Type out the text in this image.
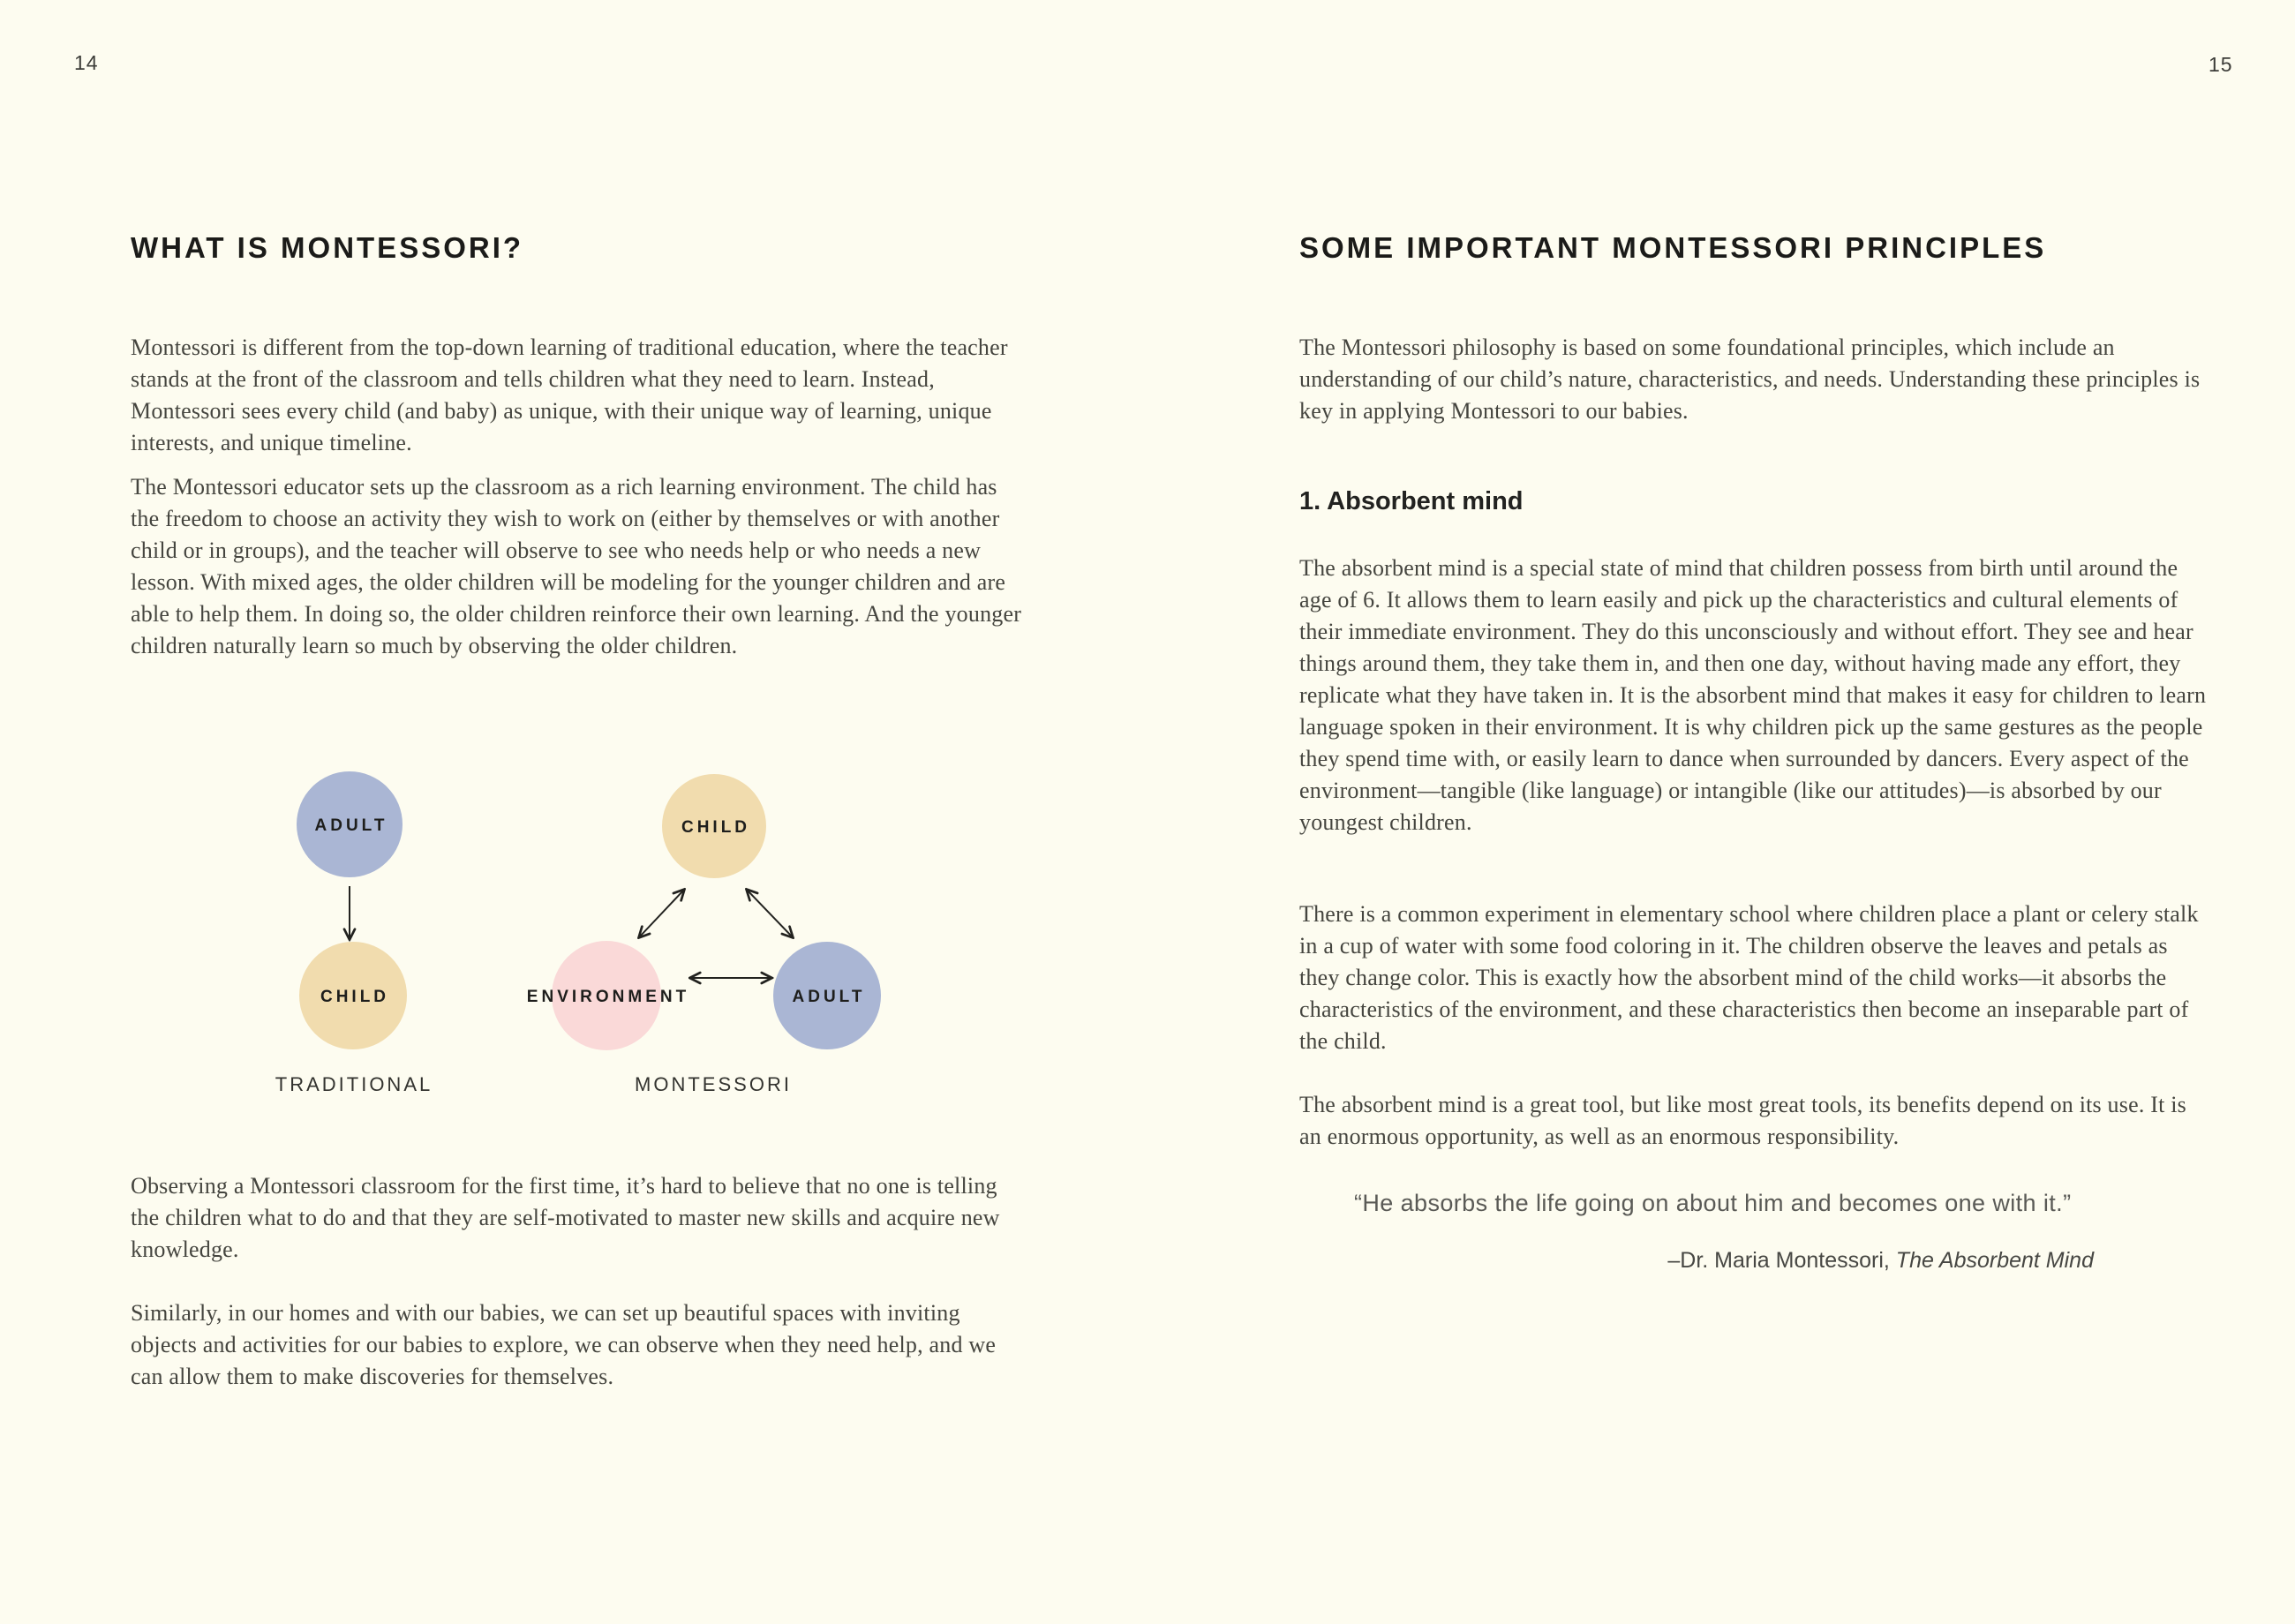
14	15
WHAT IS MONTESSORI?

Montessori is different from the top-down learning of traditional education, where the teacher stands at the front of the classroom and tells children what they need to learn. Instead, Montessori sees every child (and baby) as unique, with their unique way of learning, unique interests, and unique timeline.

The Montessori educator sets up the classroom as a rich learning environment. The child has the freedom to choose an activity they wish to work on (either by themselves or with another child or in groups), and the teacher will observe to see who needs help or who needs a new lesson. With mixed ages, the older children will be modeling for the younger children and are able to help them. In doing so, the older children reinforce their own learning. And the younger children naturally learn so much by observing the older children.

ADULT
CHILD
TRADITIONAL
CHILD
ENVIRONMENT	ADULT
MONTESSORI

Observing a Montessori classroom for the first time, it’s hard to believe that no one is telling the children what to do and that they are self-motivated to master new skills and acquire new knowledge.

Similarly, in our homes and with our babies, we can set up beautiful spaces with inviting objects and activities for our babies to explore, we can observe when they need help, and we can allow them to make discoveries for themselves.

SOME IMPORTANT MONTESSORI PRINCIPLES

The Montessori philosophy is based on some foundational principles, which include an understanding of our child’s nature, characteristics, and needs. Understanding these principles is key in applying Montessori to our babies.

1. Absorbent mind

The absorbent mind is a special state of mind that children possess from birth until around the age of 6. It allows them to learn easily and pick up the characteristics and cultural elements of their immediate environment. They do this unconsciously and without effort. They see and hear things around them, they take them in, and then one day, without having made any effort, they replicate what they have taken in. It is the absorbent mind that makes it easy for children to learn language spoken in their environment. It is why children pick up the same gestures as the people they spend time with, or easily learn to dance when surrounded by dancers. Every aspect of the environment—tangible (like language) or intangible (like our attitudes)—is absorbed by our youngest children.

There is a common experiment in elementary school where children place a plant or celery stalk in a cup of water with some food coloring in it. The children observe the leaves and petals as they change color. This is exactly how the absorbent mind of the child works—it absorbs the characteristics of the environment, and these characteristics then become an inseparable part of the child.

The absorbent mind is a great tool, but like most great tools, its benefits depend on its use. It is an enormous opportunity, as well as an enormous responsibility.

“He absorbs the life going on about him and becomes one with it.”

–Dr. Maria Montessori, The Absorbent Mind
